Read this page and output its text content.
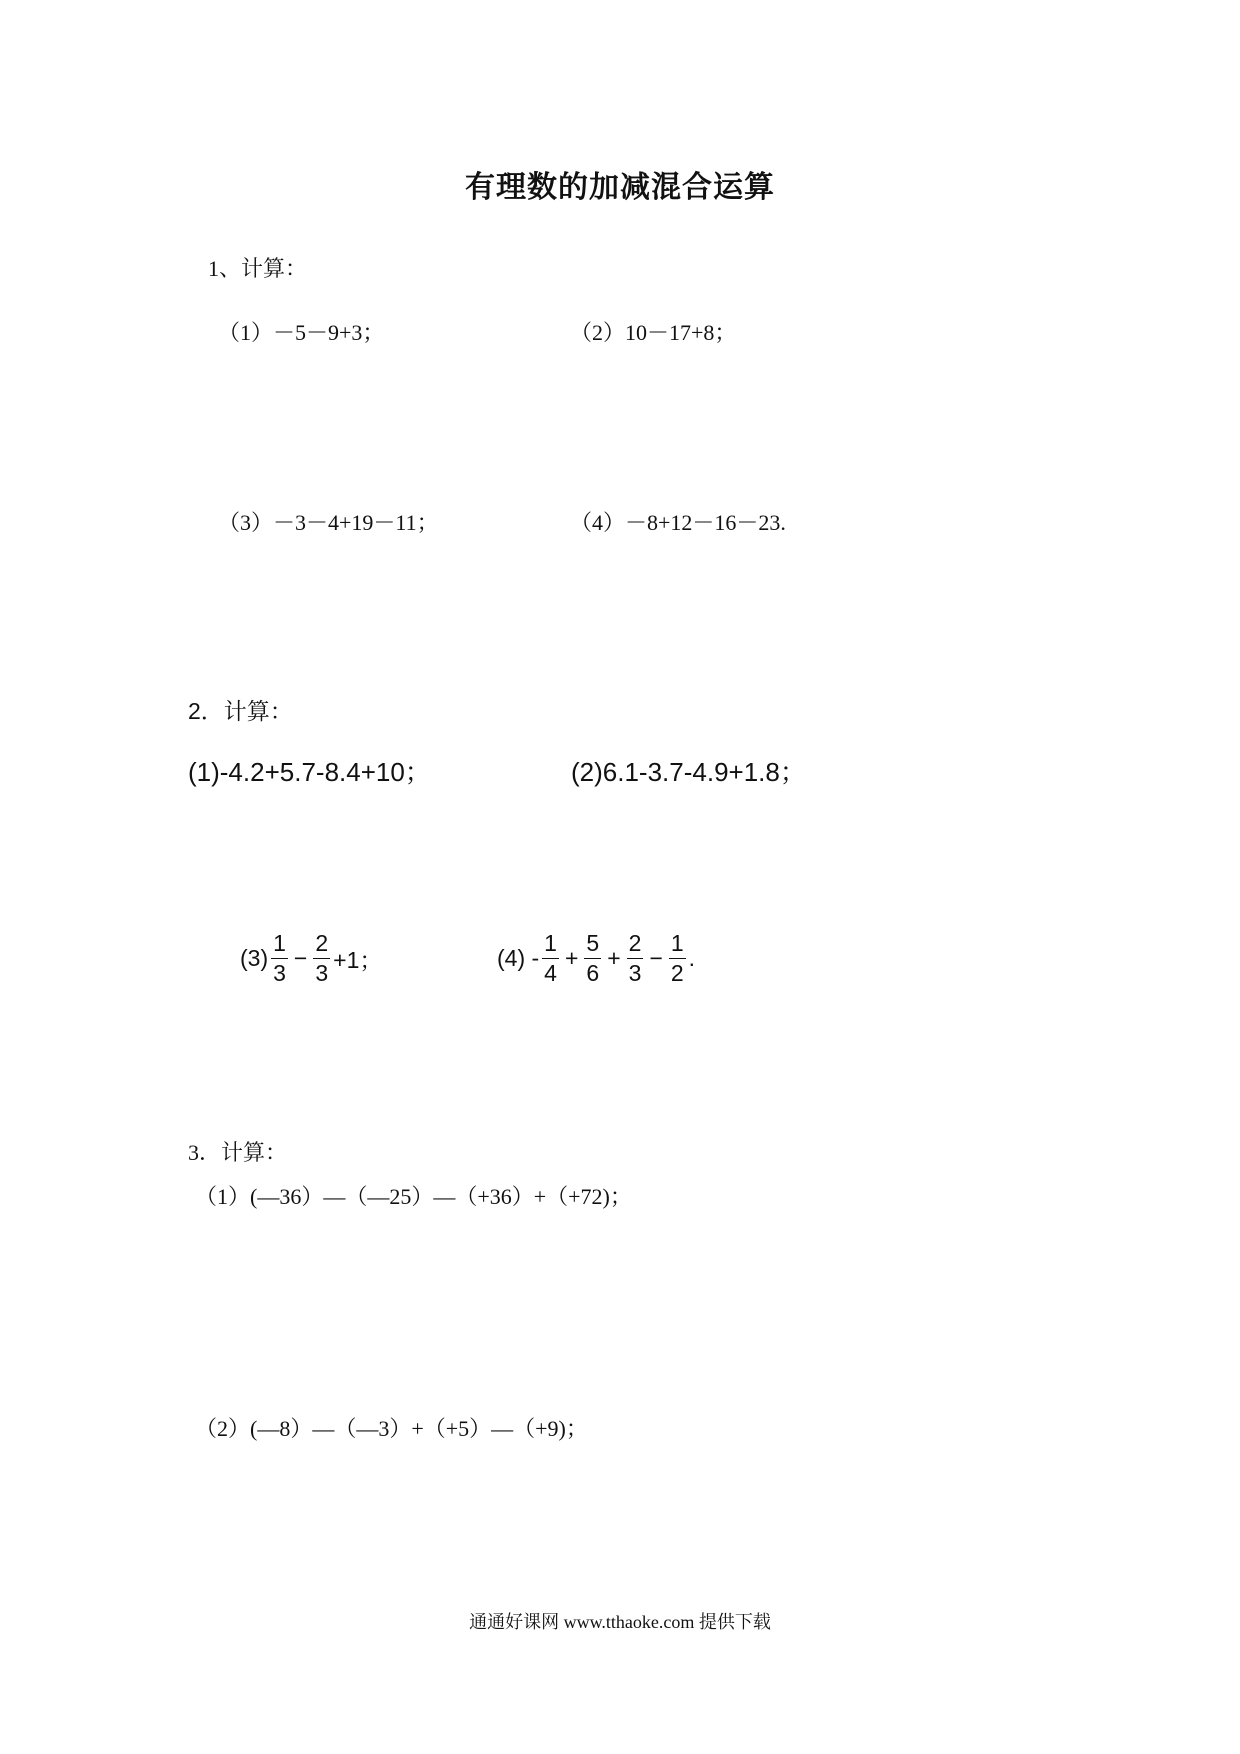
有理数的加减混合运算
1、计算：
（1）－5－9+3；	（2）10－17+8；
（3）－3－4+19－11；	（4）－8+12－16－23.
2．计算：
(1)-4.2+5.7-8.4+10；	(2)6.1-3.7-4.9+1.8；
$(3) \frac{1}{3} - \frac{2}{3} +1$；	$(4) - \frac{1}{4} + \frac{5}{6} + \frac{2}{3} - \frac{1}{2}$ .
3．计算：
（1）(—36）—（—25）—（+36）+（+72)；
（2）(—8）—（—3）+（+5）—（+9)；
通通好课网 www.tthaoke.com 提供下载
